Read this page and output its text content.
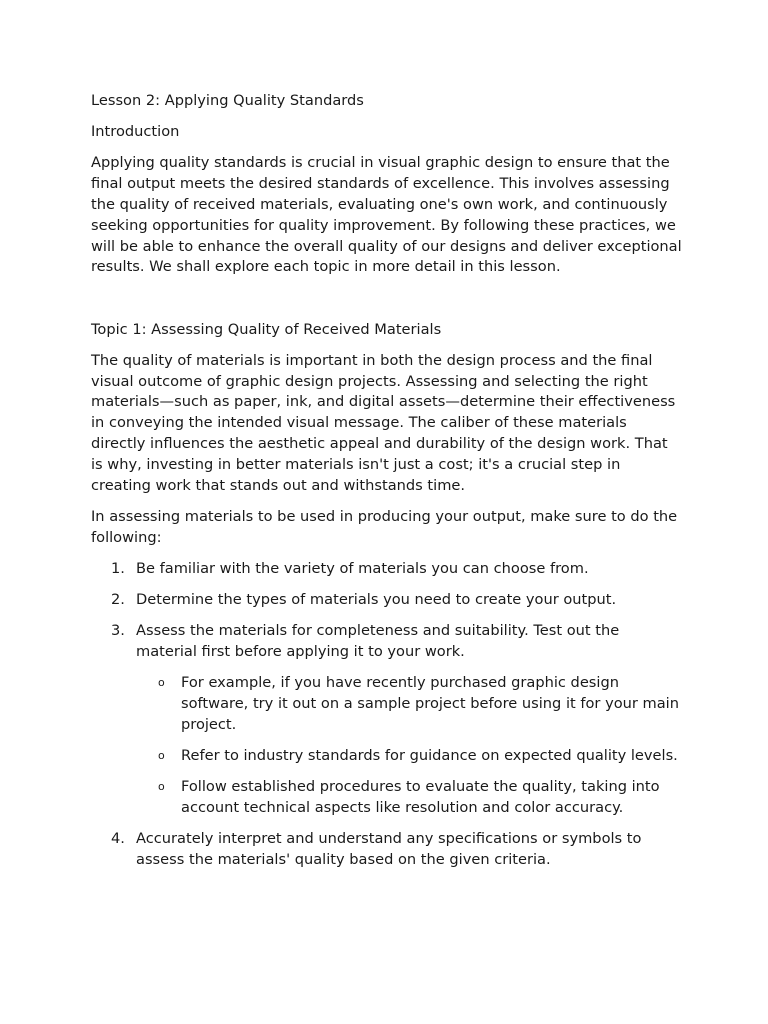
Lesson 2: Applying Quality Standards

Introduction

Applying quality standards is crucial in visual graphic design to ensure that the final output meets the desired standards of excellence. This involves assessing the quality of received materials, evaluating one's own work, and continuously seeking opportunities for quality improvement. By following these practices, we will be able to enhance the overall quality of our designs and deliver exceptional results. We shall explore each topic in more detail in this lesson.

Topic 1: Assessing Quality of Received Materials

The quality of materials is important in both the design process and the final visual outcome of graphic design projects. Assessing and selecting the right materials—such as paper, ink, and digital assets—determine their effectiveness in conveying the intended visual message. The caliber of these materials directly influences the aesthetic appeal and durability of the design work. That is why, investing in better materials isn't just a cost; it's a crucial step in creating work that stands out and withstands time.

In assessing materials to be used in producing your output, make sure to do the following:

1. Be familiar with the variety of materials you can choose from.
2. Determine the types of materials you need to create your output.
3. Assess the materials for completeness and suitability. Test out the material first before applying it to your work.
o For example, if you have recently purchased graphic design software, try it out on a sample project before using it for your main project.
o Refer to industry standards for guidance on expected quality levels.
o Follow established procedures to evaluate the quality, taking into account technical aspects like resolution and color accuracy.
4. Accurately interpret and understand any specifications or symbols to assess the materials' quality based on the given criteria.
